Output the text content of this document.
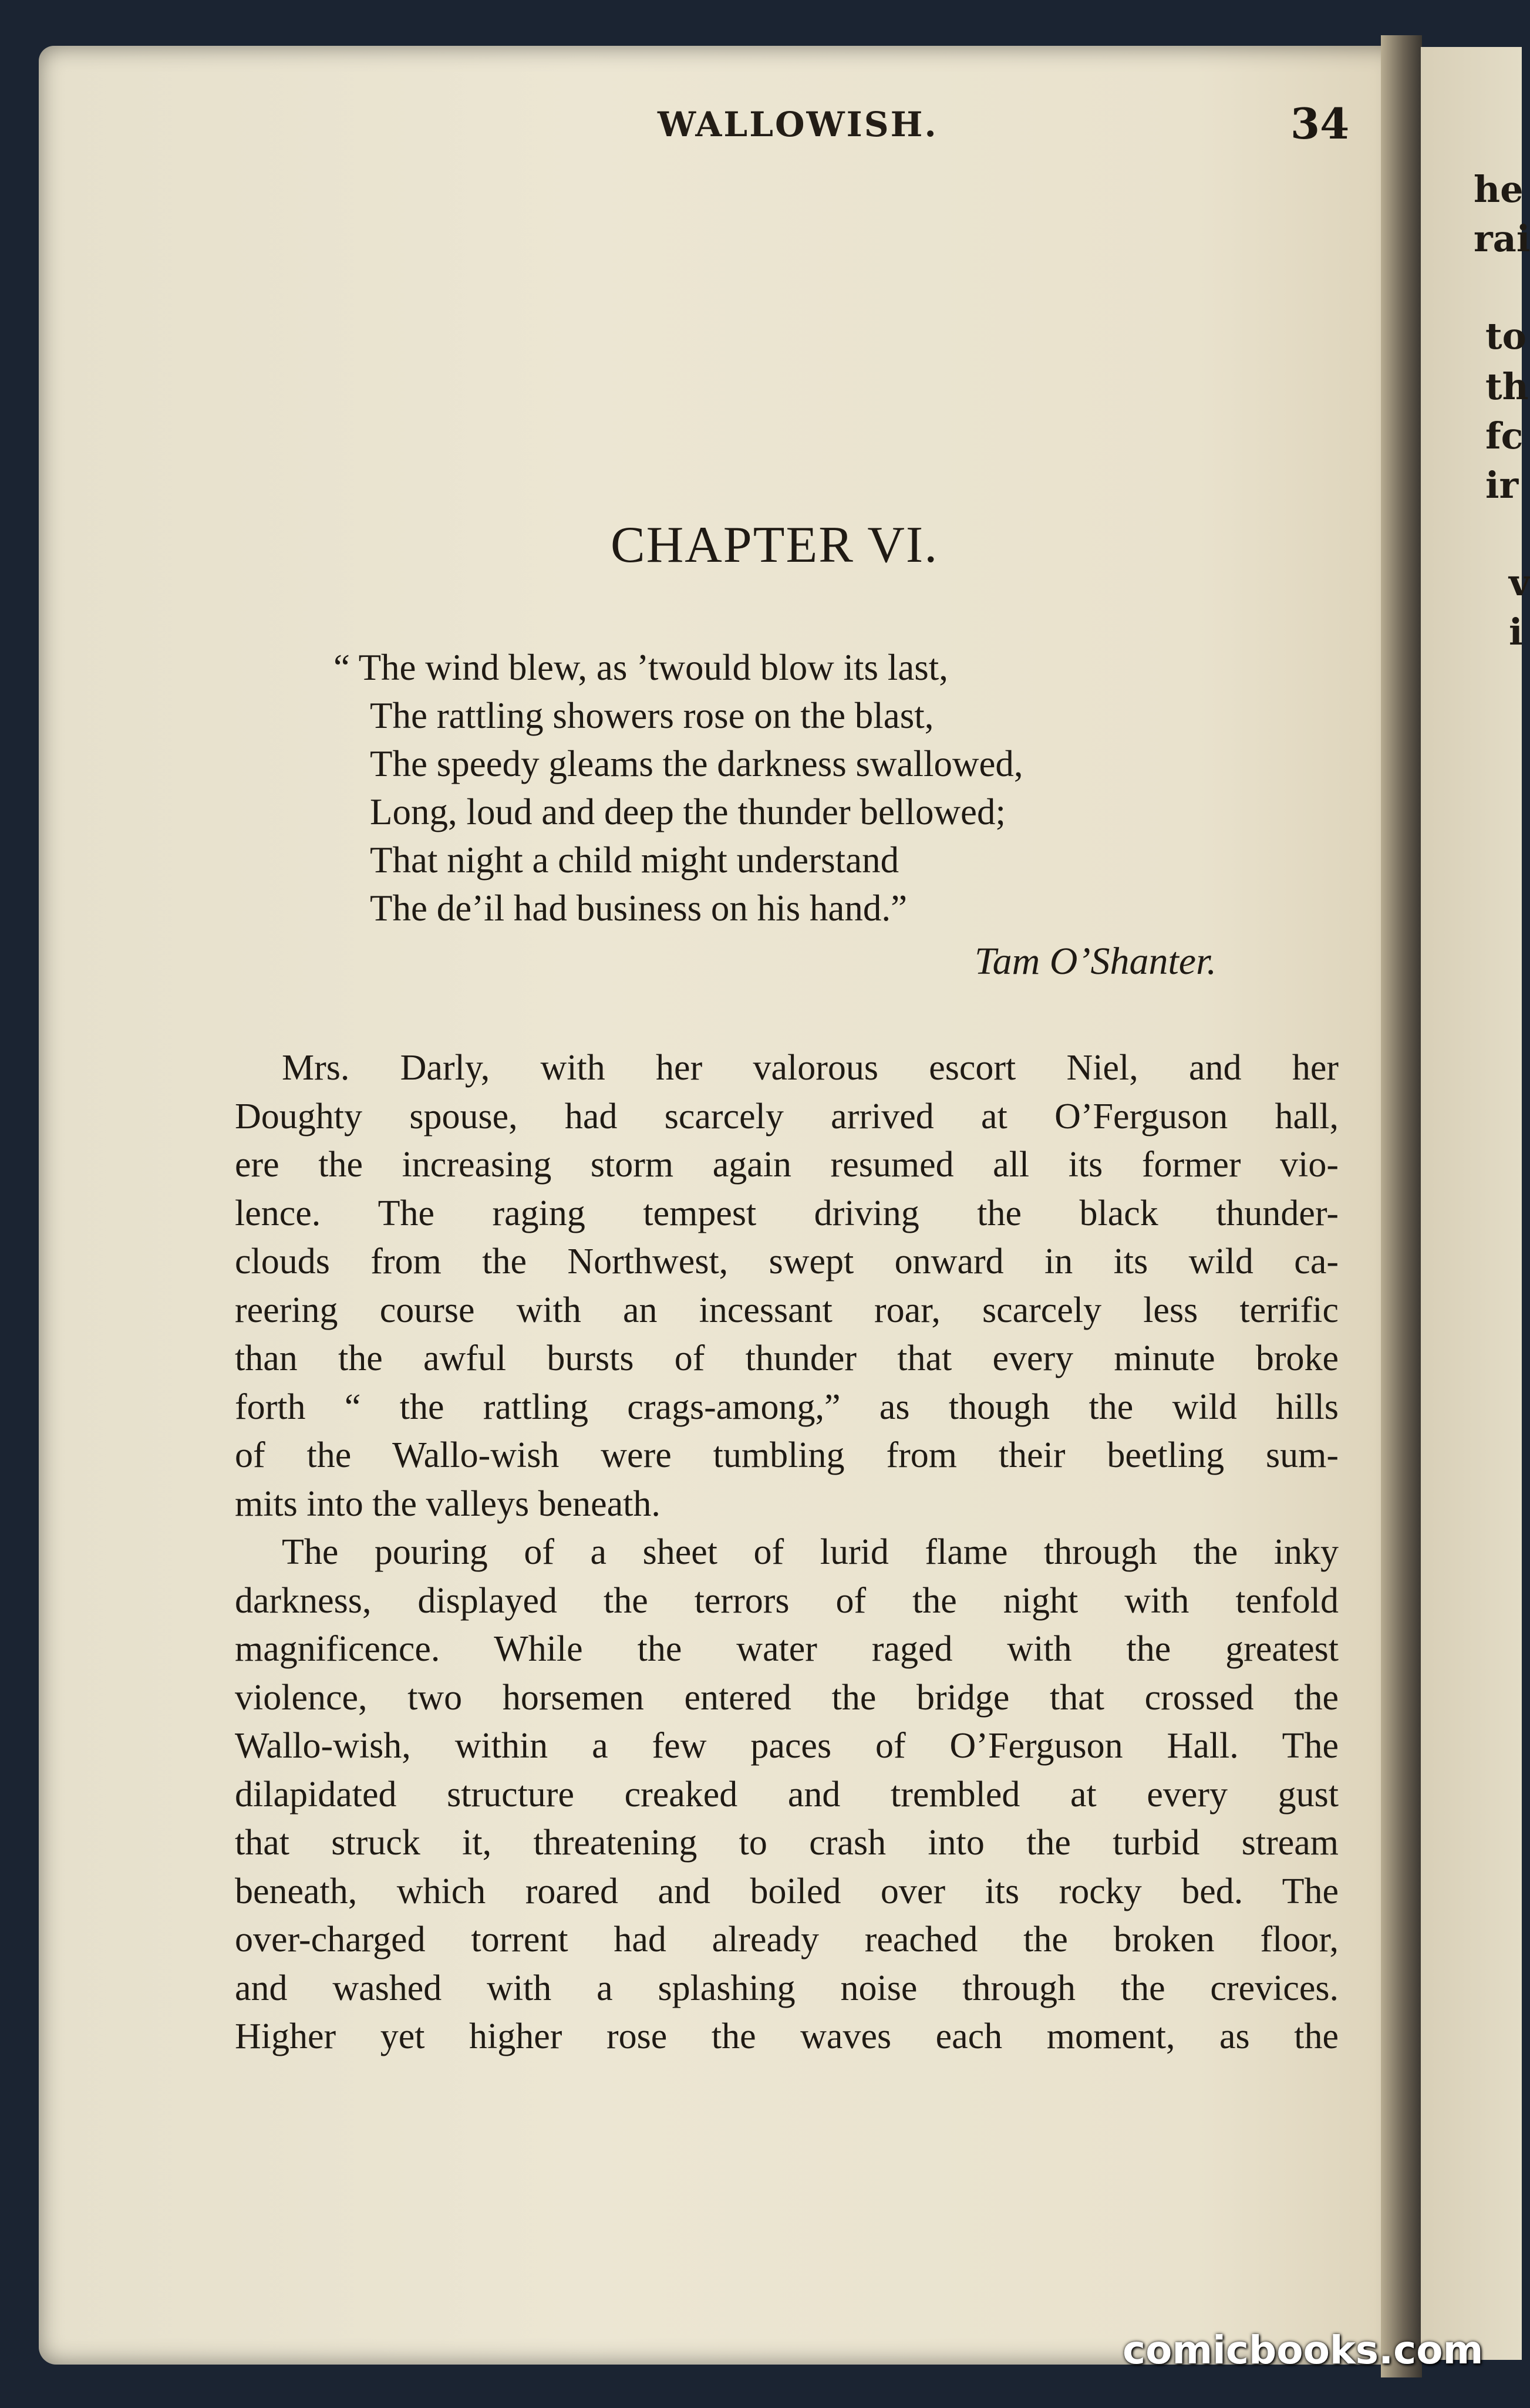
he
rai
to
th
fc
ir
v
i
WALLOWISH.	34
CHAPTER VI.
“ The wind blew, as ’twould blow its last,
The rattling showers rose on the blast,
The speedy gleams the darkness swallowed,
Long, loud and deep the thunder bellowed;
That night a child might understand
The de’il had business on his hand.”
Tam O’Shanter.
Mrs. Darly, with her valorous escort Niel, and her
Doughty spouse, had scarcely arrived at O’Ferguson hall,
ere the increasing storm again resumed all its former vio-
lence. The raging tempest driving the black thunder-
clouds from the Northwest, swept onward in its wild ca-
reering course with an incessant roar, scarcely less terrific
than the awful bursts of thunder that every minute broke
forth “ the rattling crags-among,” as though the wild hills
of the Wallo-wish were tumbling from their beetling sum-
mits into the valleys beneath.
The pouring of a sheet of lurid flame through the inky
darkness, displayed the terrors of the night with tenfold
magnificence. While the water raged with the greatest
violence, two horsemen entered the bridge that crossed the
Wallo-wish, within a few paces of O’Ferguson Hall. The
dilapidated structure creaked and trembled at every gust
that struck it, threatening to crash into the turbid stream
beneath, which roared and boiled over its rocky bed. The
over-charged torrent had already reached the broken floor,
and washed with a splashing noise through the crevices.
Higher yet higher rose the waves each moment, as the
comicbooks.com
